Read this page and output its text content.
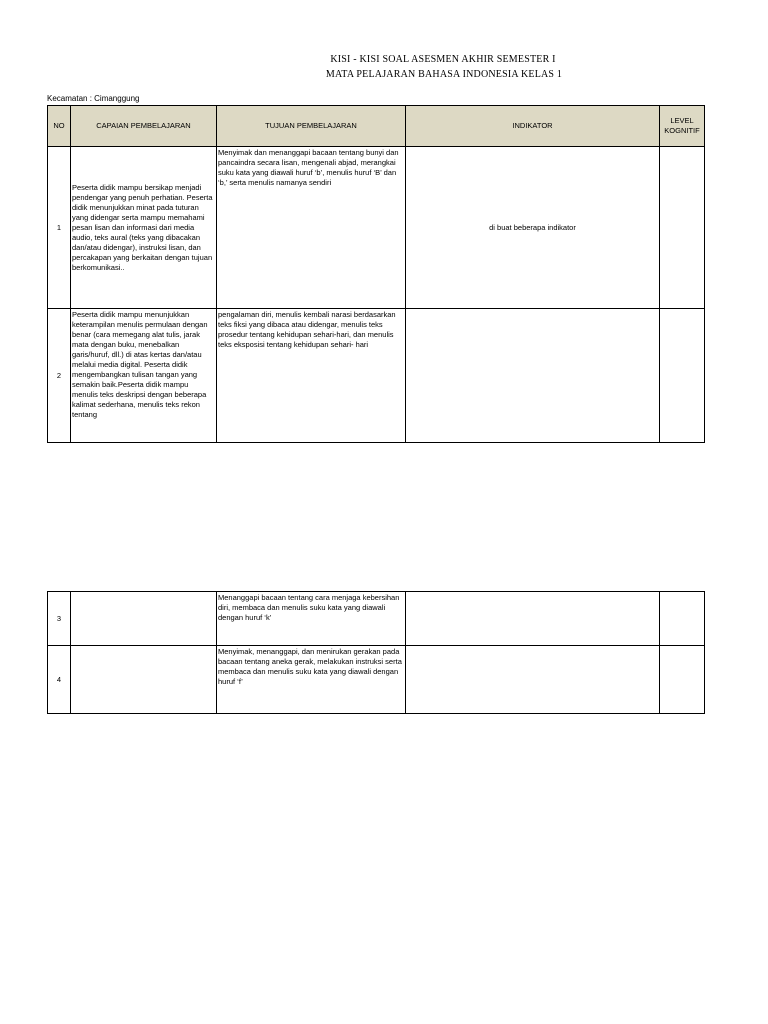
KISI - KISI SOAL ASESMEN AKHIR SEMESTER I
MATA PELAJARAN BAHASA INDONESIA KELAS 1
Kecamatan : Cimanggung
NO	CAPAIAN PEMBELAJARAN	TUJUAN PEMBELAJARAN	INDIKATOR	LEVEL KOGNITIF
1	Peserta didik mampu bersikap menjadi pendengar yang penuh perhatian. Peserta didik menunjukkan minat pada tuturan yang didengar serta mampu memahami pesan lisan dan informasi dari media audio, teks aural (teks yang dibacakan dan/atau didengar), instruksi lisan, dan percakapan yang berkaitan dengan tujuan berkomunikasi..	Menyimak dan menanggapi bacaan tentang bunyi dan pancaindra secara lisan, mengenali abjad, merangkai suku kata yang diawali huruf ‘b’, menulis huruf ‘B’ dan ‘b,’ serta menulis namanya sendiri	di buat beberapa indikator	
2	Peserta didik mampu menunjukkan keterampilan menulis permulaan dengan benar (cara memegang alat tulis, jarak mata dengan buku, menebalkan garis/huruf, dll.) di atas kertas dan/atau melalui media digital. Peserta didik mengembangkan tulisan tangan yang semakin baik.Peserta didik mampu menulis teks deskripsi dengan beberapa kalimat sederhana, menulis teks rekon tentang	pengalaman diri, menulis kembali narasi berdasarkan teks fiksi yang dibaca atau didengar, menulis teks prosedur tentang kehidupan sehari-hari, dan menulis teks eksposisi tentang kehidupan sehari- hari		
3		Menanggapi bacaan tentang cara menjaga kebersihan diri, membaca dan menulis suku kata yang diawali dengan huruf ‘k’		
4		Menyimak, menanggapi, dan menirukan gerakan pada bacaan tentang aneka gerak, melakukan instruksi serta membaca dan menulis suku kata yang diawali dengan huruf ‘f’		
